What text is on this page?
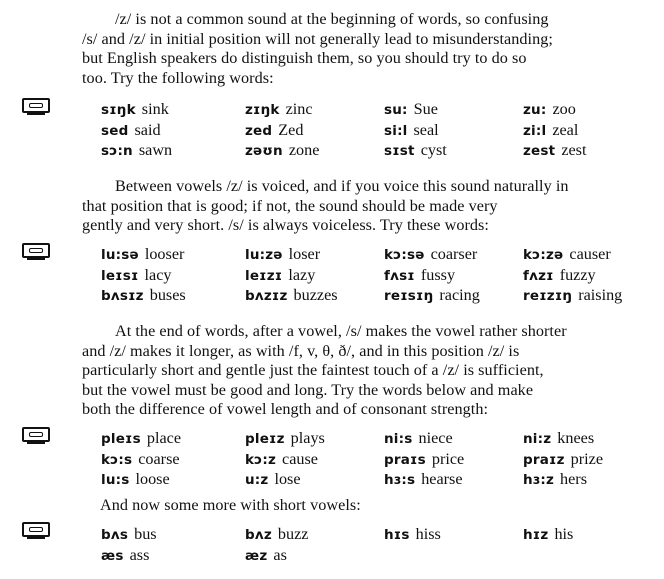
/z/ is not a common sound at the beginning of words, so confusing
/s/ and /z/ in initial position will not generally lead to misunderstanding;
but English speakers do distinguish them, so you should try to do so
too. Try the following words:
sɪŋk sink	zɪŋk zinc	su: Sue	zu: zoo
sed said	zed Zed	si:l seal	zi:l zeal
sɔ:n sawn	zəʊn zone	sɪst cyst	zest zest
Between vowels /z/ is voiced, and if you voice this sound naturally in
that position that is good; if not, the sound should be made very
gently and very short. /s/ is always voiceless. Try these words:
lu:sə looser	lu:zə loser	kɔ:sə coarser	kɔ:zə causer
leɪsɪ lacy	leɪzɪ lazy	fʌsɪ fussy	fʌzɪ fuzzy
bʌsɪz buses	bʌzɪz buzzes	reɪsɪŋ racing	reɪzɪŋ raising
At the end of words, after a vowel, /s/ makes the vowel rather shorter
and /z/ makes it longer, as with /f, v, θ, ð/, and in this position /z/ is
particularly short and gentle just the faintest touch of a /z/ is sufficient,
but the vowel must be good and long. Try the words below and make
both the difference of vowel length and of consonant strength:
pleɪs place	pleɪz plays	ni:s niece	ni:z knees
kɔ:s coarse	kɔ:z cause	praɪs price	praɪz prize
lu:s loose	u:z lose	hɜ:s hearse	hɜ:z hers
And now some more with short vowels:
bʌs bus	bʌz buzz	hɪs hiss	hɪz his
æs ass	æz as
